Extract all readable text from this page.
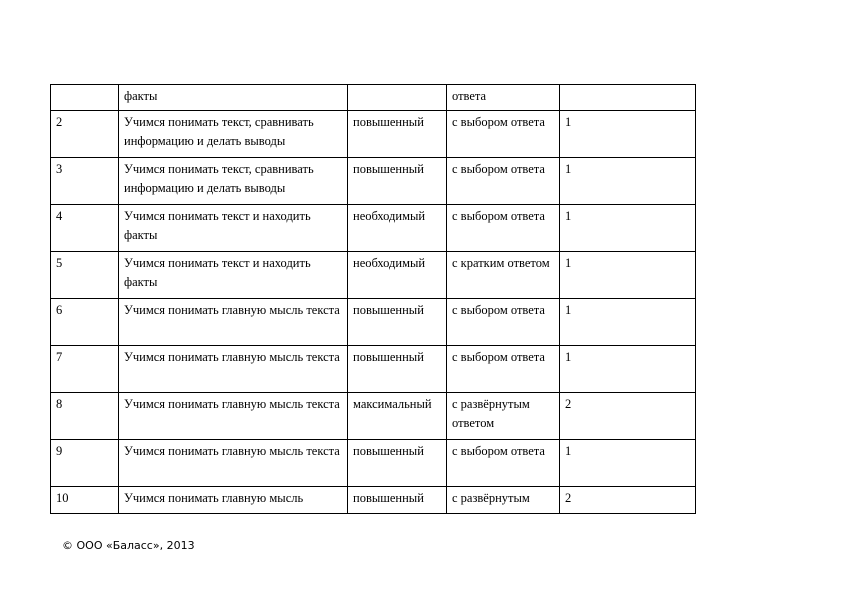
	факты		ответа	
2	Учимся понимать текст, сравнивать информацию и делать выводы	повышенный	с выбором ответа	1
3	Учимся понимать текст, сравнивать информацию и делать выводы	повышенный	с выбором ответа	1
4	Учимся понимать текст и находить факты	необходимый	с выбором ответа	1
5	Учимся понимать текст и находить факты	необходимый	с кратким ответом	1
6	Учимся понимать главную мысль текста	повышенный	с выбором ответа	1
7	Учимся понимать главную мысль текста	повышенный	с выбором ответа	1
8	Учимся понимать главную мысль текста	максимальный	с развёрнутым ответом	2
9	Учимся понимать главную мысль текста	повышенный	с выбором ответа	1
10	Учимся понимать главную мысль	повышенный	с развёрнутым	2
© ООО «Баласс», 2013
